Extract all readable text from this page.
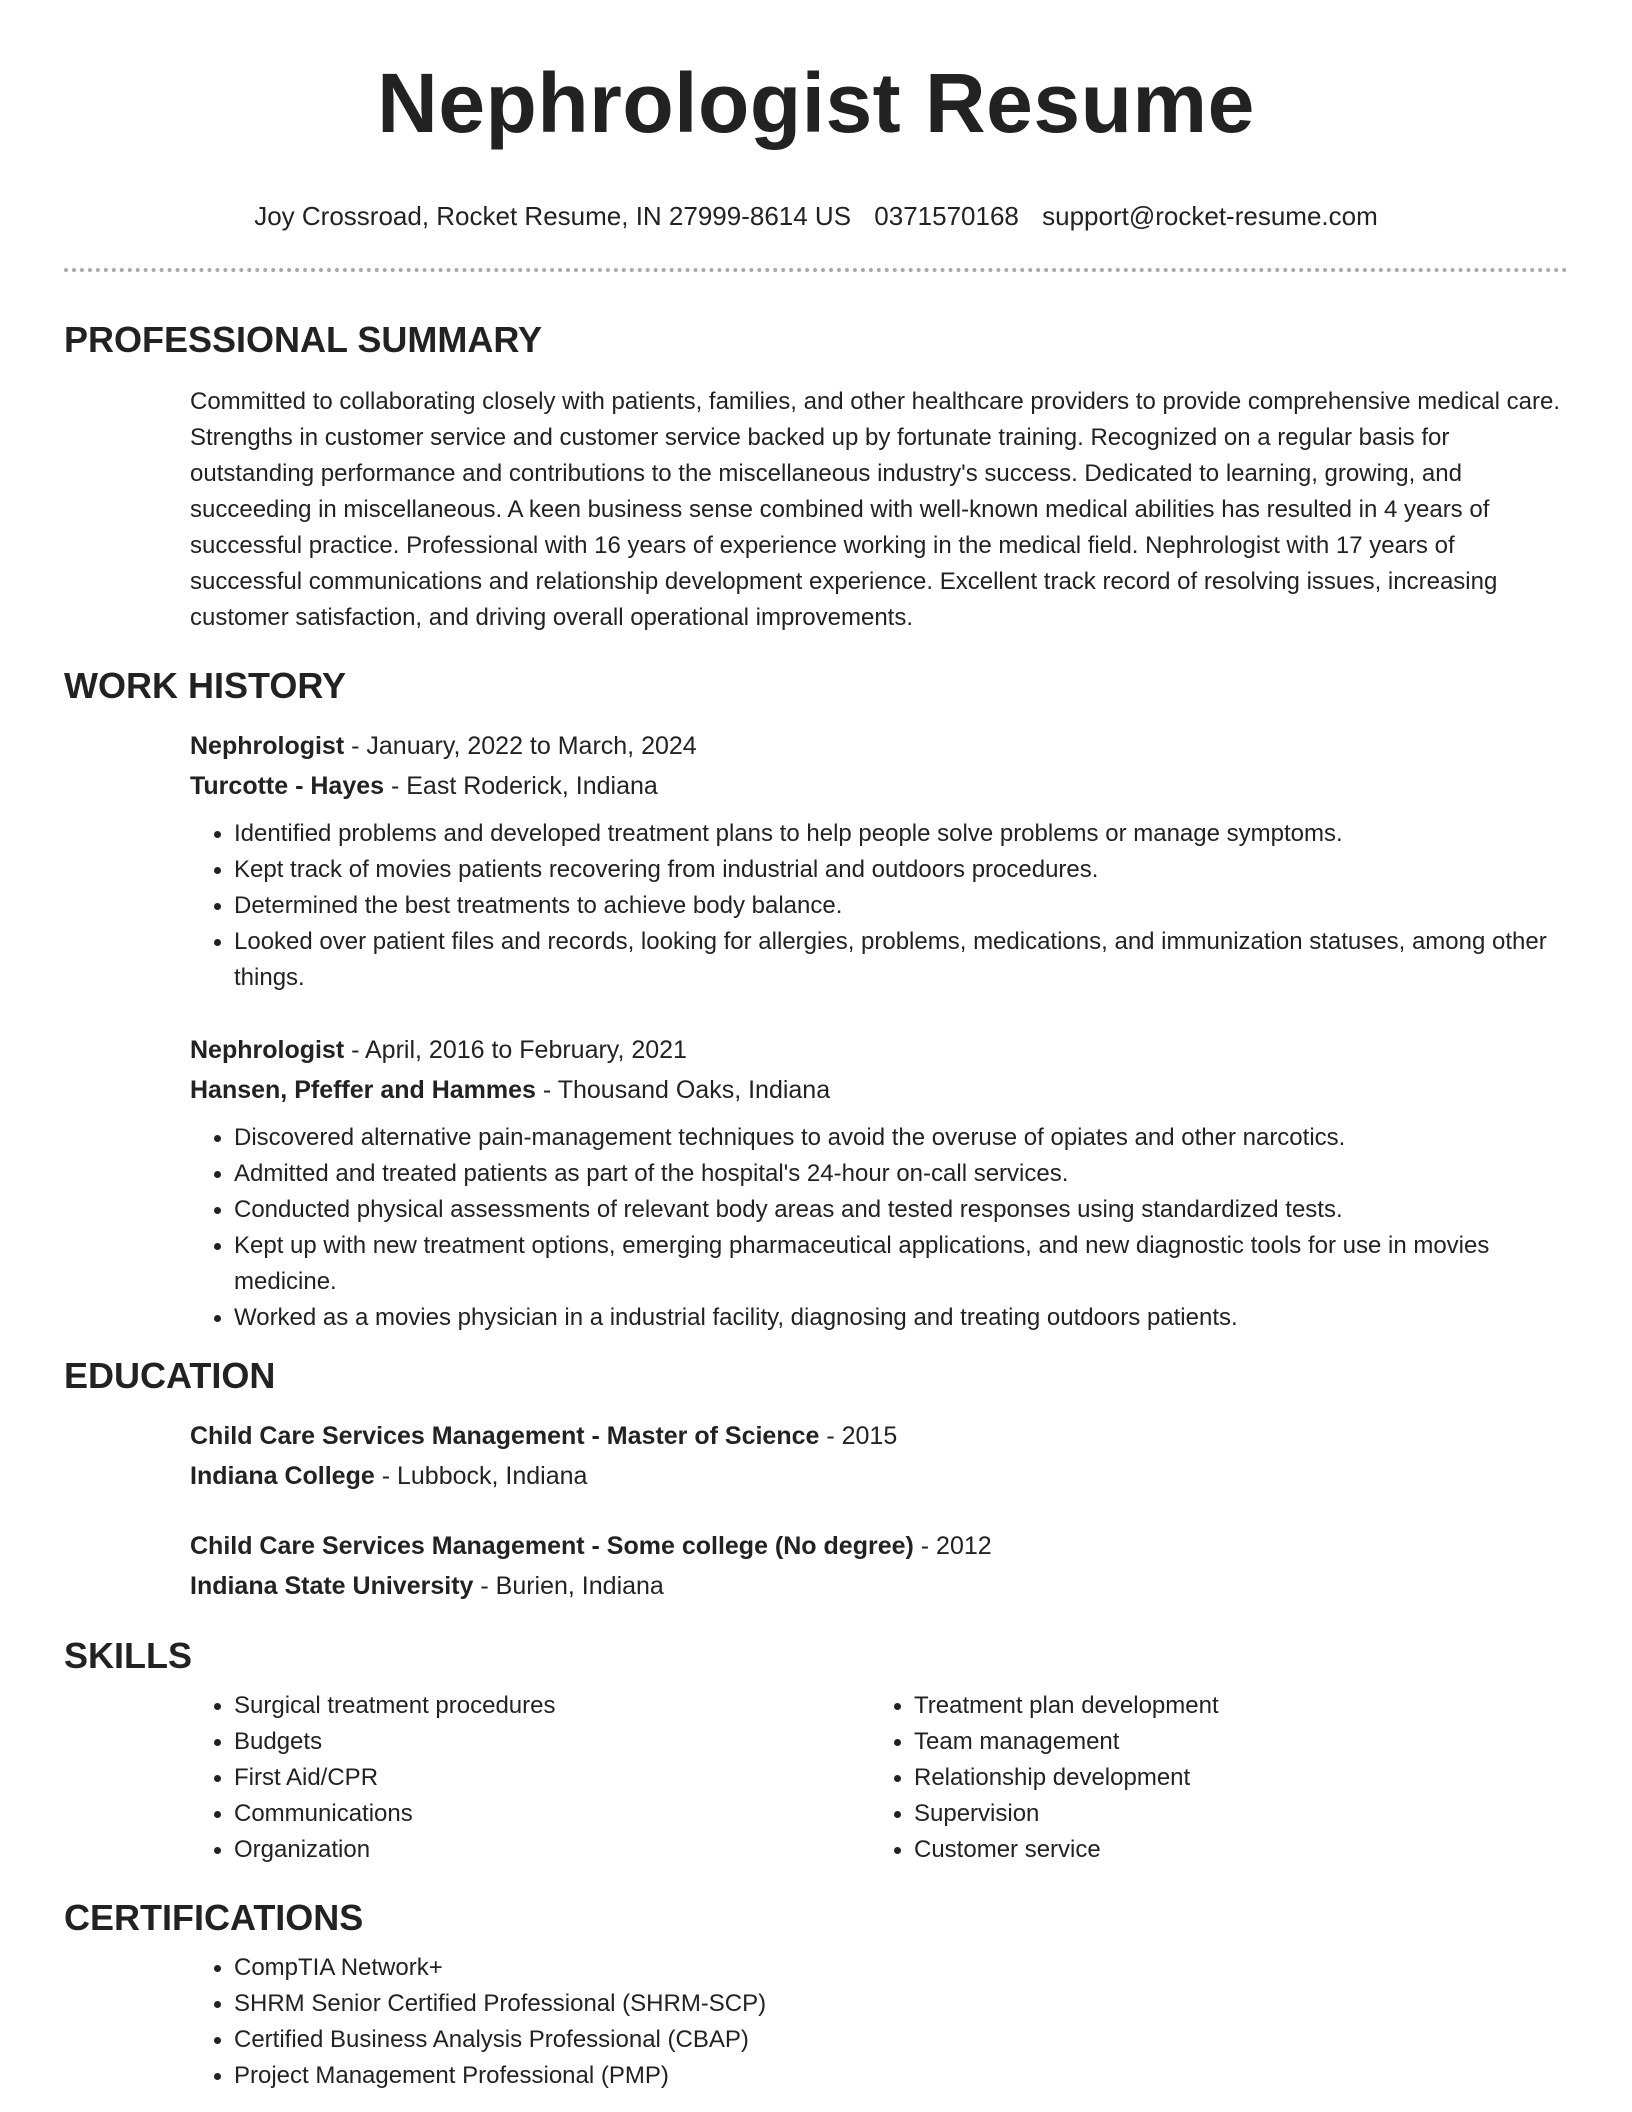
Nephrologist Resume
Joy Crossroad, Rocket Resume, IN 27999-8614 US 0371570168 support@rocket-resume.com
PROFESSIONAL SUMMARY
Committed to collaborating closely with patients, families, and other healthcare providers to provide comprehensive medical care. Strengths in customer service and customer service backed up by fortunate training. Recognized on a regular basis for outstanding performance and contributions to the miscellaneous industry's success. Dedicated to learning, growing, and succeeding in miscellaneous. A keen business sense combined with well-known medical abilities has resulted in 4 years of successful practice. Professional with 16 years of experience working in the medical field. Nephrologist with 17 years of successful communications and relationship development experience. Excellent track record of resolving issues, increasing customer satisfaction, and driving overall operational improvements.
WORK HISTORY
Nephrologist - January, 2022 to March, 2024
Turcotte - Hayes - East Roderick, Indiana
• Identified problems and developed treatment plans to help people solve problems or manage symptoms.
• Kept track of movies patients recovering from industrial and outdoors procedures.
• Determined the best treatments to achieve body balance.
• Looked over patient files and records, looking for allergies, problems, medications, and immunization statuses, among other things.
Nephrologist - April, 2016 to February, 2021
Hansen, Pfeffer and Hammes - Thousand Oaks, Indiana
• Discovered alternative pain-management techniques to avoid the overuse of opiates and other narcotics.
• Admitted and treated patients as part of the hospital's 24-hour on-call services.
• Conducted physical assessments of relevant body areas and tested responses using standardized tests.
• Kept up with new treatment options, emerging pharmaceutical applications, and new diagnostic tools for use in movies medicine.
• Worked as a movies physician in a industrial facility, diagnosing and treating outdoors patients.
EDUCATION
Child Care Services Management - Master of Science - 2015
Indiana College - Lubbock, Indiana
Child Care Services Management - Some college (No degree) - 2012
Indiana State University - Burien, Indiana
SKILLS
• Surgical treatment procedures
• Budgets
• First Aid/CPR
• Communications
• Organization
• Treatment plan development
• Team management
• Relationship development
• Supervision
• Customer service
CERTIFICATIONS
• CompTIA Network+
• SHRM Senior Certified Professional (SHRM-SCP)
• Certified Business Analysis Professional (CBAP)
• Project Management Professional (PMP)
